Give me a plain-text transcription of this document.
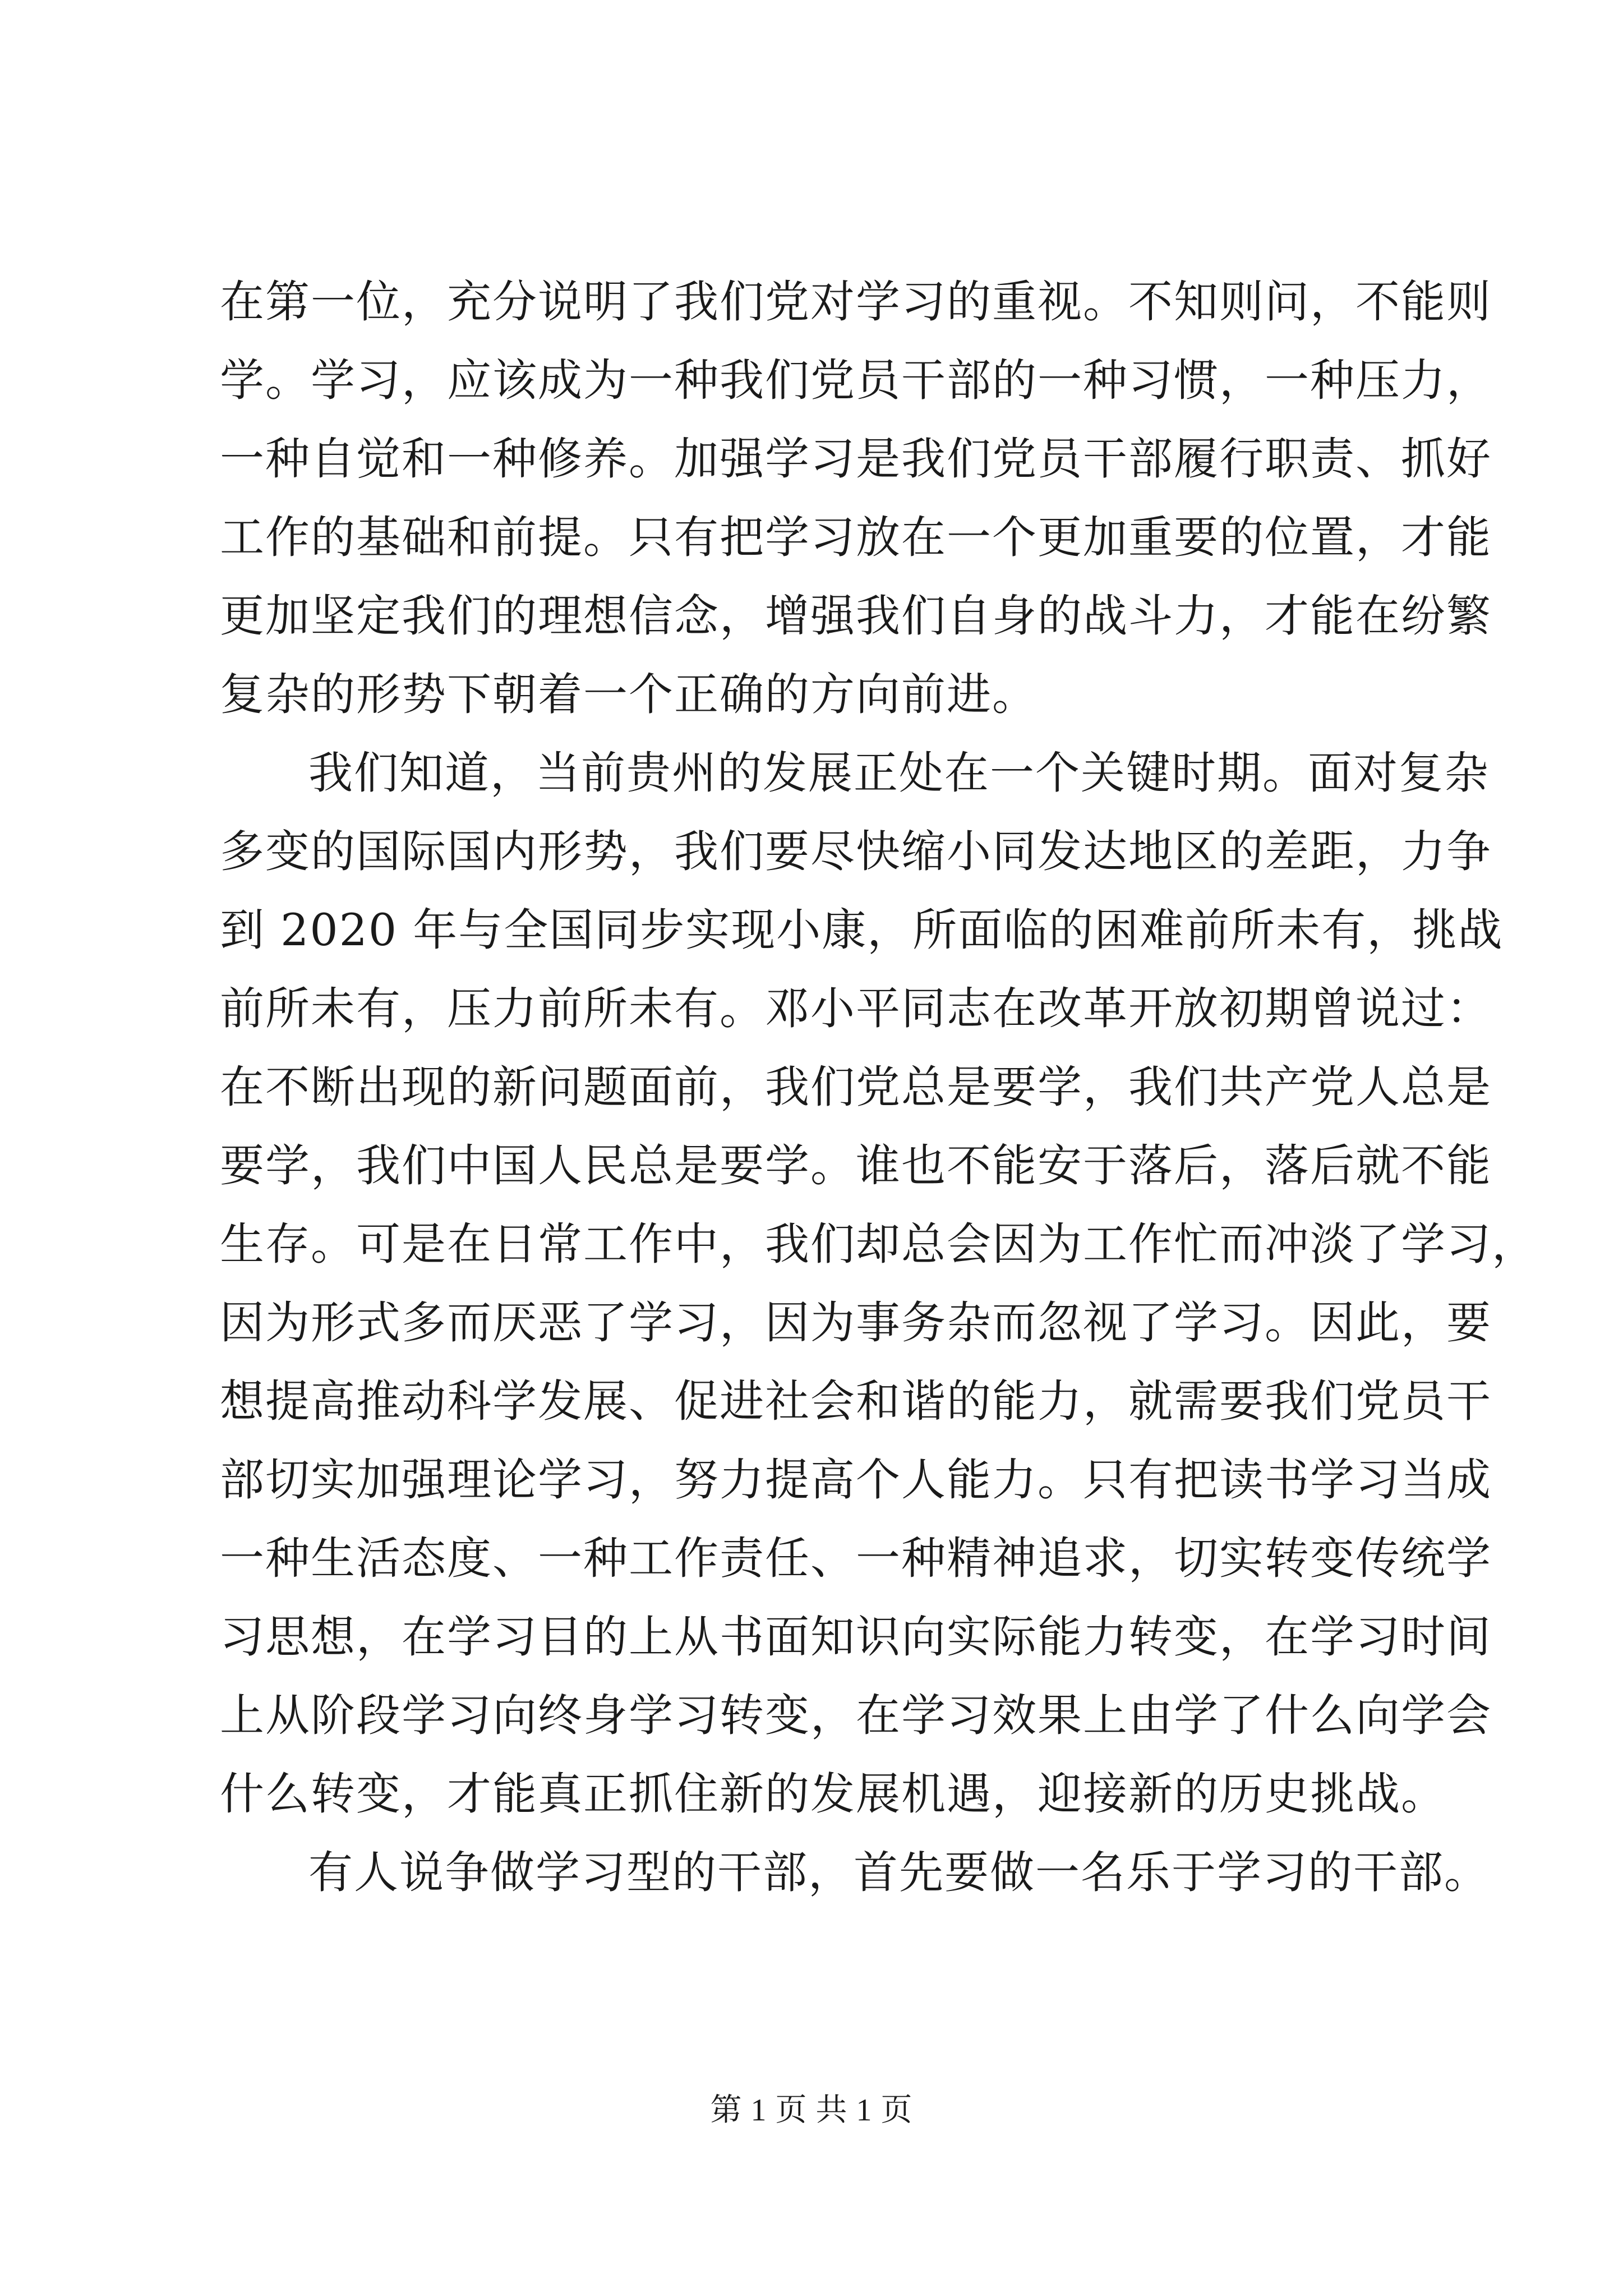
在第一位，充分说明了我们党对学习的重视。不知则问，不能则
学。学习，应该成为一种我们党员干部的一种习惯，一种压力，
一种自觉和一种修养。加强学习是我们党员干部履行职责、抓好
工作的基础和前提。只有把学习放在一个更加重要的位置，才能
更加坚定我们的理想信念，增强我们自身的战斗力，才能在纷繁
复杂的形势下朝着一个正确的方向前进。
我们知道，当前贵州的发展正处在一个关键时期。面对复杂
多变的国际国内形势，我们要尽快缩小同发达地区的差距，力争
到 2020 年与全国同步实现小康，所面临的困难前所未有，挑战
前所未有，压力前所未有。邓小平同志在改革开放初期曾说过：
在不断出现的新问题面前，我们党总是要学，我们共产党人总是
要学，我们中国人民总是要学。谁也不能安于落后，落后就不能
生存。可是在日常工作中，我们却总会因为工作忙而冲淡了学习，
因为形式多而厌恶了学习，因为事务杂而忽视了学习。因此，要
想提高推动科学发展、促进社会和谐的能力，就需要我们党员干
部切实加强理论学习，努力提高个人能力。只有把读书学习当成
一种生活态度、一种工作责任、一种精神追求，切实转变传统学
习思想，在学习目的上从书面知识向实际能力转变，在学习时间
上从阶段学习向终身学习转变，在学习效果上由学了什么向学会
什么转变，才能真正抓住新的发展机遇，迎接新的历史挑战。
有人说争做学习型的干部，首先要做一名乐于学习的干部。
第 1 页 共 1 页
